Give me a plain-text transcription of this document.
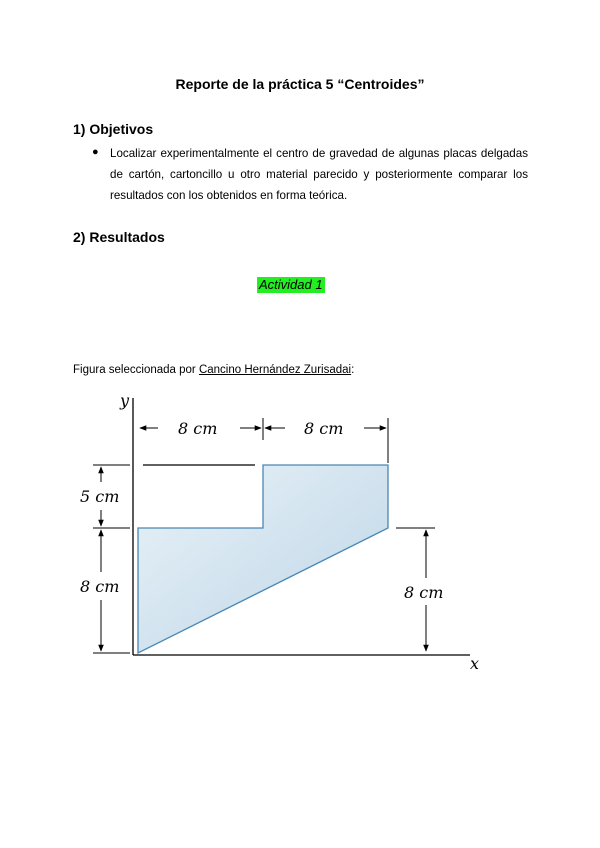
Reporte de la práctica 5 “Centroides”
1) Objetivos
● Localizar experimentalmente el centro de gravedad de algunas placas delgadas de cartón, cartoncillo u otro material parecido y posteriormente comparar los resultados con los obtenidos en forma teórica.
2) Resultados
Actividad 1
Figura seleccionada por Cancino Hernández Zurisadai:
y
x
8 cm	8 cm
5 cm
8 cm	8 cm
